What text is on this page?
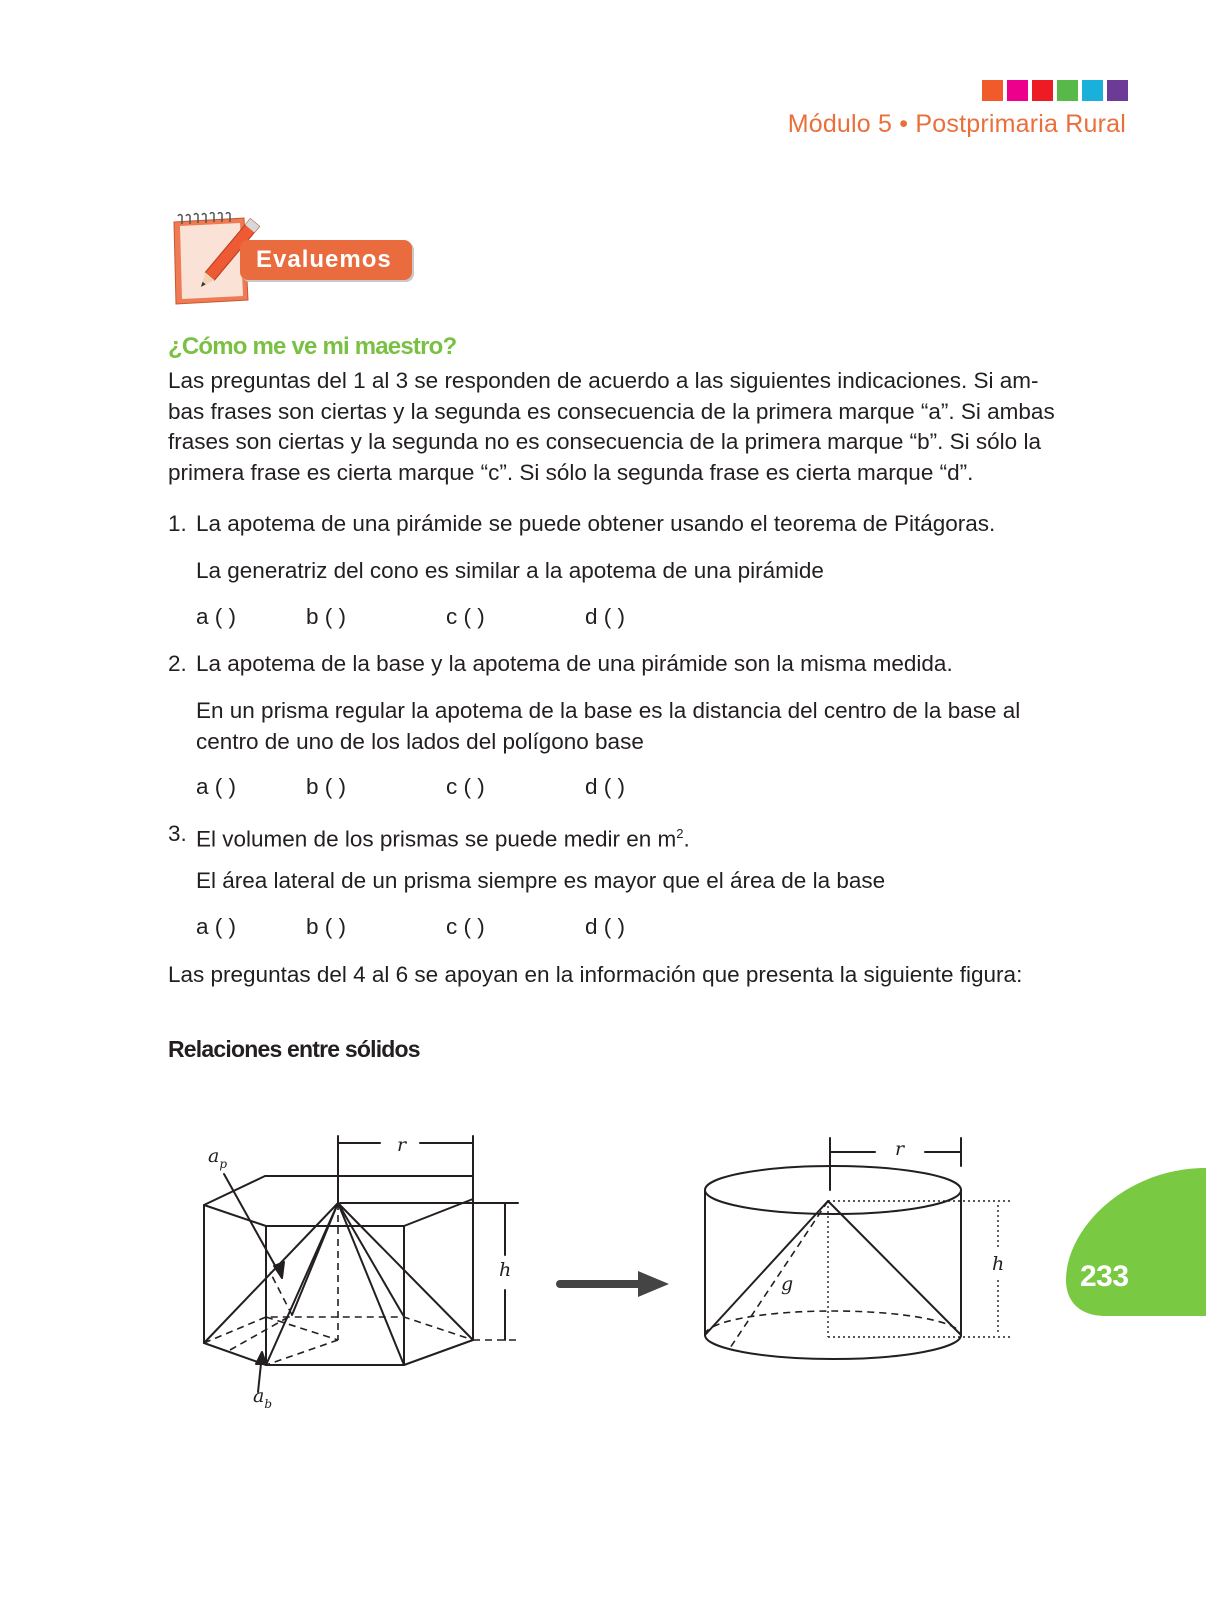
Módulo 5 • Postprimaria Rural
Evaluemos
¿Cómo me ve mi maestro?

Las preguntas del 1 al 3 se responden de acuerdo a las siguientes indicaciones. Si am-
bas frases son ciertas y la segunda es consecuencia de la primera marque “a”. Si ambas
frases son ciertas y la segunda no es consecuencia de la primera marque “b”. Si sólo la
primera frase es cierta marque “c”. Si sólo la segunda frase es cierta marque “d”.

1. La apotema de una pirámide se puede obtener usando el teorema de Pitágoras.
La generatriz del cono es similar a la apotema de una pirámide
a ( )	b ( )	c ( )	d ( )
2. La apotema de la base y la apotema de una pirámide son la misma medida.
En un prisma regular la apotema de la base es la distancia del centro de la base al
centro de uno de los lados del polígono base
a ( )	b ( )	c ( )	d ( )
3. El volumen de los prismas se puede medir en $m^2$.
El área lateral de un prisma siempre es mayor que el área de la base
a ( )	b ( )	c ( )	d ( )
Las preguntas del 4 al 6 se apoyan en la información que presenta la siguiente figura:
Relaciones entre sólidos
$a_p$
$a_b$
r
h
r
h
g	233
